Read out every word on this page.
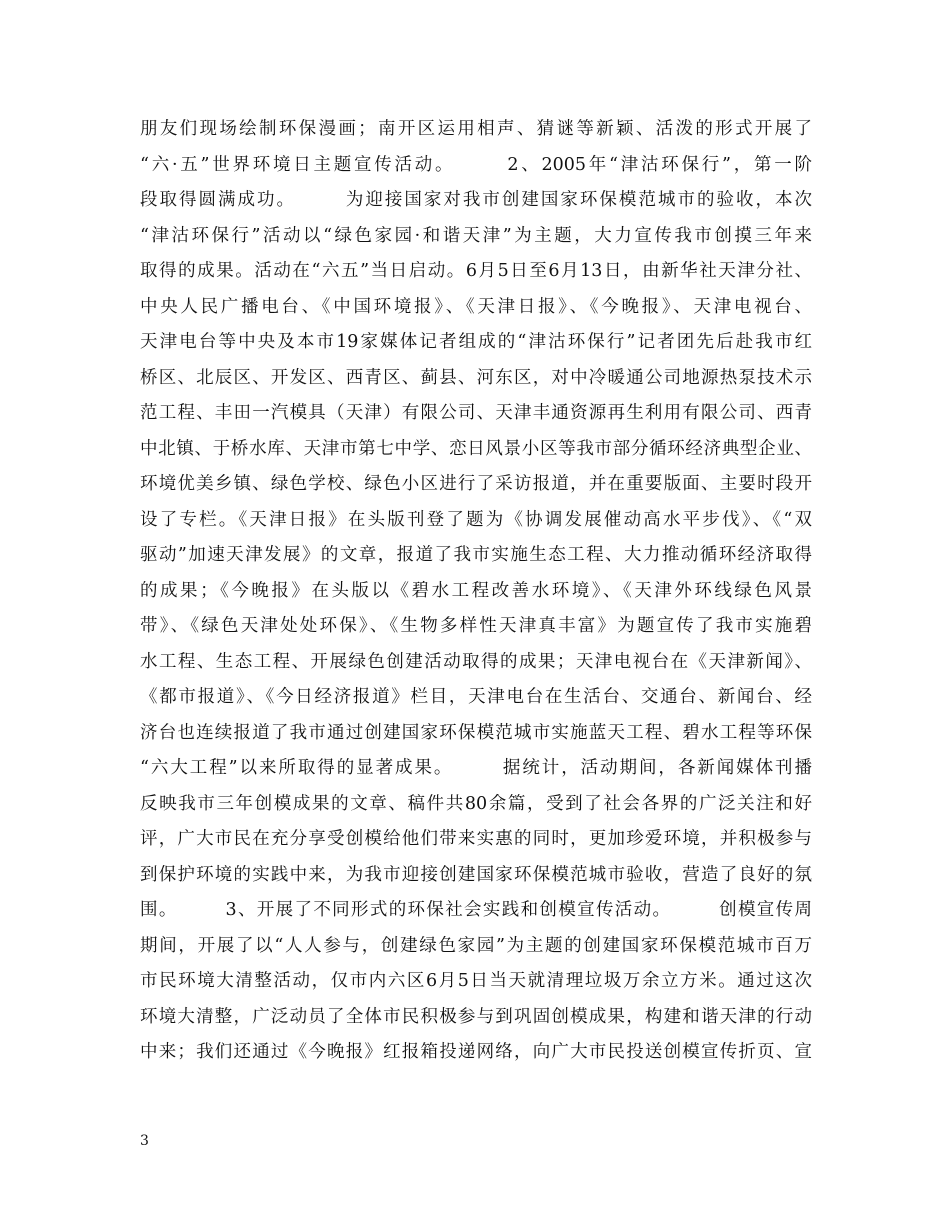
朋友们现场绘制环保漫画；南开区运用相声、猜谜等新颖、活泼的形式开展了
“六·五”世界环境日主题宣传活动。　　　2、2005年“津沽环保行”，第一阶
段取得圆满成功。　　　为迎接国家对我市创建国家环保模范城市的验收，本次
“津沽环保行”活动以“绿色家园·和谐天津”为主题，大力宣传我市创摸三年来
取得的成果。活动在“六五”当日启动。6月5日至6月13日，由新华社天津分社、
中央人民广播电台、《中国环境报》、《天津日报》、《今晚报》、天津电视台、
天津电台等中央及本市19家媒体记者组成的“津沽环保行”记者团先后赴我市红
桥区、北辰区、开发区、西青区、蓟县、河东区，对中冷暖通公司地源热泵技术示
范工程、丰田一汽模具（天津）有限公司、天津丰通资源再生利用有限公司、西青
中北镇、于桥水库、天津市第七中学、恋日风景小区等我市部分循环经济典型企业、
环境优美乡镇、绿色学校、绿色小区进行了采访报道，并在重要版面、主要时段开
设了专栏。《天津日报》在头版刊登了题为《协调发展催动高水平步伐》、《“双
驱动”加速天津发展》的文章，报道了我市实施生态工程、大力推动循环经济取得
的成果；《今晚报》在头版以《碧水工程改善水环境》、《天津外环线绿色风景
带》、《绿色天津处处环保》、《生物多样性天津真丰富》为题宣传了我市实施碧
水工程、生态工程、开展绿色创建活动取得的成果；天津电视台在《天津新闻》、
《都市报道》、《今日经济报道》栏目，天津电台在生活台、交通台、新闻台、经
济台也连续报道了我市通过创建国家环保模范城市实施蓝天工程、碧水工程等环保
“六大工程”以来所取得的显著成果。　　　据统计，活动期间，各新闻媒体刊播
反映我市三年创模成果的文章、稿件共80余篇，受到了社会各界的广泛关注和好
评，广大市民在充分享受创模给他们带来实惠的同时，更加珍爱环境，并积极参与
到保护环境的实践中来，为我市迎接创建国家环保模范城市验收，营造了良好的氛
围。　　　3、开展了不同形式的环保社会实践和创模宣传活动。　　　创模宣传周
期间，开展了以“人人参与，创建绿色家园”为主题的创建国家环保模范城市百万
市民环境大清整活动，仅市内六区6月5日当天就清理垃圾万余立方米。通过这次
环境大清整，广泛动员了全体市民积极参与到巩固创模成果，构建和谐天津的行动
中来；我们还通过《今晚报》红报箱投递网络，向广大市民投送创模宣传折页、宣
3
